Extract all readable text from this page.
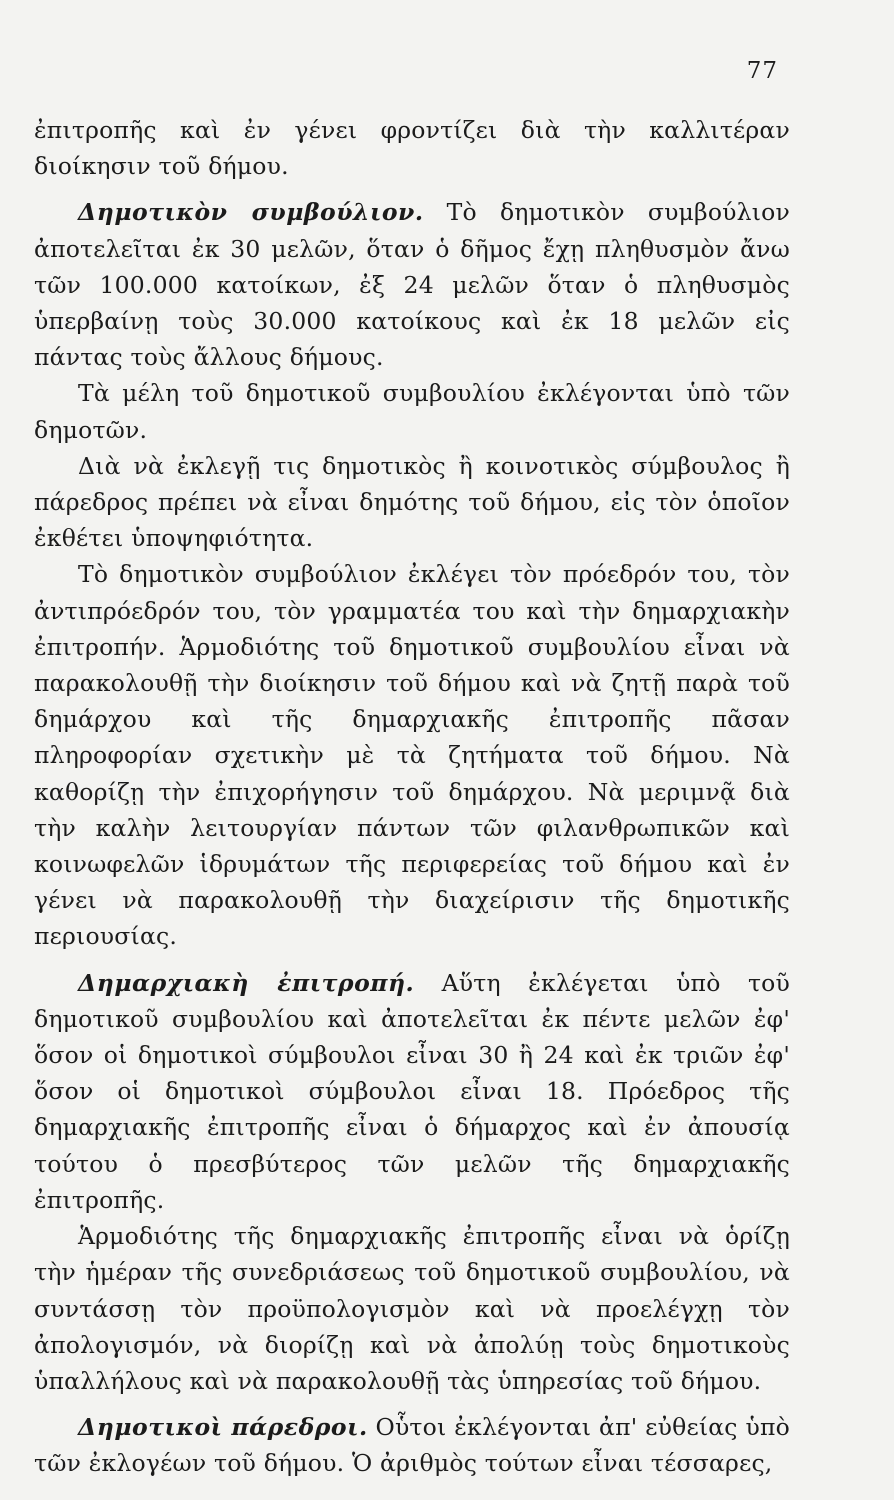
77

ἐπιτροπῆς καὶ ἐν γένει φροντίζει διὰ τὴν καλλιτέραν διοίκησιν τοῦ δήμου.

Δημοτικὸν συμβούλιον. Τὸ δημοτικὸν συμβούλιον ἀποτελεῖται ἐκ 30 μελῶν, ὅταν ὁ δῆμος ἔχῃ πληθυσμὸν ἄνω τῶν 100.000 κατοίκων, ἐξ 24 μελῶν ὅταν ὁ πληθυσμὸς ὑπερβαίνῃ τοὺς 30.000 κατοίκους καὶ ἐκ 18 μελῶν εἰς πάντας τοὺς ἄλλους δήμους.

Τὰ μέλη τοῦ δημοτικοῦ συμβουλίου ἐκλέγονται ὑπὸ τῶν δημοτῶν.

Διὰ νὰ ἐκλεγῇ τις δημοτικὸς ἢ κοινοτικὸς σύμβουλος ἢ πάρεδρος πρέπει νὰ εἶναι δημότης τοῦ δήμου, εἰς τὸν ὁποῖον ἐκθέτει ὑποψηφιότητα.

Τὸ δημοτικὸν συμβούλιον ἐκλέγει τὸν πρόεδρόν του, τὸν ἀντιπρόεδρόν του, τὸν γραμματέα του καὶ τὴν δημαρχιακὴν ἐπιτροπήν. Ἁρμοδιότης τοῦ δημοτικοῦ συμβουλίου εἶναι νὰ παρακολουθῇ τὴν διοίκησιν τοῦ δήμου καὶ νὰ ζητῇ παρὰ τοῦ δημάρχου καὶ τῆς δημαρχιακῆς ἐπιτροπῆς πᾶσαν πληροφορίαν σχετικὴν μὲ τὰ ζητήματα τοῦ δήμου. Νὰ καθορίζῃ τὴν ἐπιχορήγησιν τοῦ δημάρχου. Νὰ μεριμνᾷ διὰ τὴν καλὴν λειτουργίαν πάντων τῶν φιλανθρωπικῶν καὶ κοινωφελῶν ἱδρυμάτων τῆς περιφερείας τοῦ δήμου καὶ ἐν γένει νὰ παρακολουθῇ τὴν διαχείρισιν τῆς δημοτικῆς περιουσίας.

Δημαρχιακὴ ἐπιτροπή. Αὕτη ἐκλέγεται ὑπὸ τοῦ δημοτικοῦ συμβουλίου καὶ ἀποτελεῖται ἐκ πέντε μελῶν ἐφ' ὅσον οἱ δημοτικοὶ σύμβουλοι εἶναι 30 ἢ 24 καὶ ἐκ τριῶν ἐφ' ὅσον οἱ δημοτικοὶ σύμβουλοι εἶναι 18. Πρόεδρος τῆς δημαρχιακῆς ἐπιτροπῆς εἶναι ὁ δήμαρχος καὶ ἐν ἀπουσίᾳ τούτου ὁ πρεσβύτερος τῶν μελῶν τῆς δημαρχιακῆς ἐπιτροπῆς.

Ἁρμοδιότης τῆς δημαρχιακῆς ἐπιτροπῆς εἶναι νὰ ὁρίζῃ τὴν ἡμέραν τῆς συνεδριάσεως τοῦ δημοτικοῦ συμβουλίου, νὰ συντάσσῃ τὸν προϋπολογισμὸν καὶ νὰ προελέγχῃ τὸν ἀπολογισμόν, νὰ διορίζῃ καὶ νὰ ἀπολύῃ τοὺς δημοτικοὺς ὑπαλλήλους καὶ νὰ παρακολουθῇ τὰς ὑπηρεσίας τοῦ δήμου.

Δημοτικοὶ πάρεδροι. Οὗτοι ἐκλέγονται ἀπ' εὐθείας ὑπὸ τῶν ἐκλογέων τοῦ δήμου. Ὁ ἀριθμὸς τούτων εἶναι τέσσαρες,
